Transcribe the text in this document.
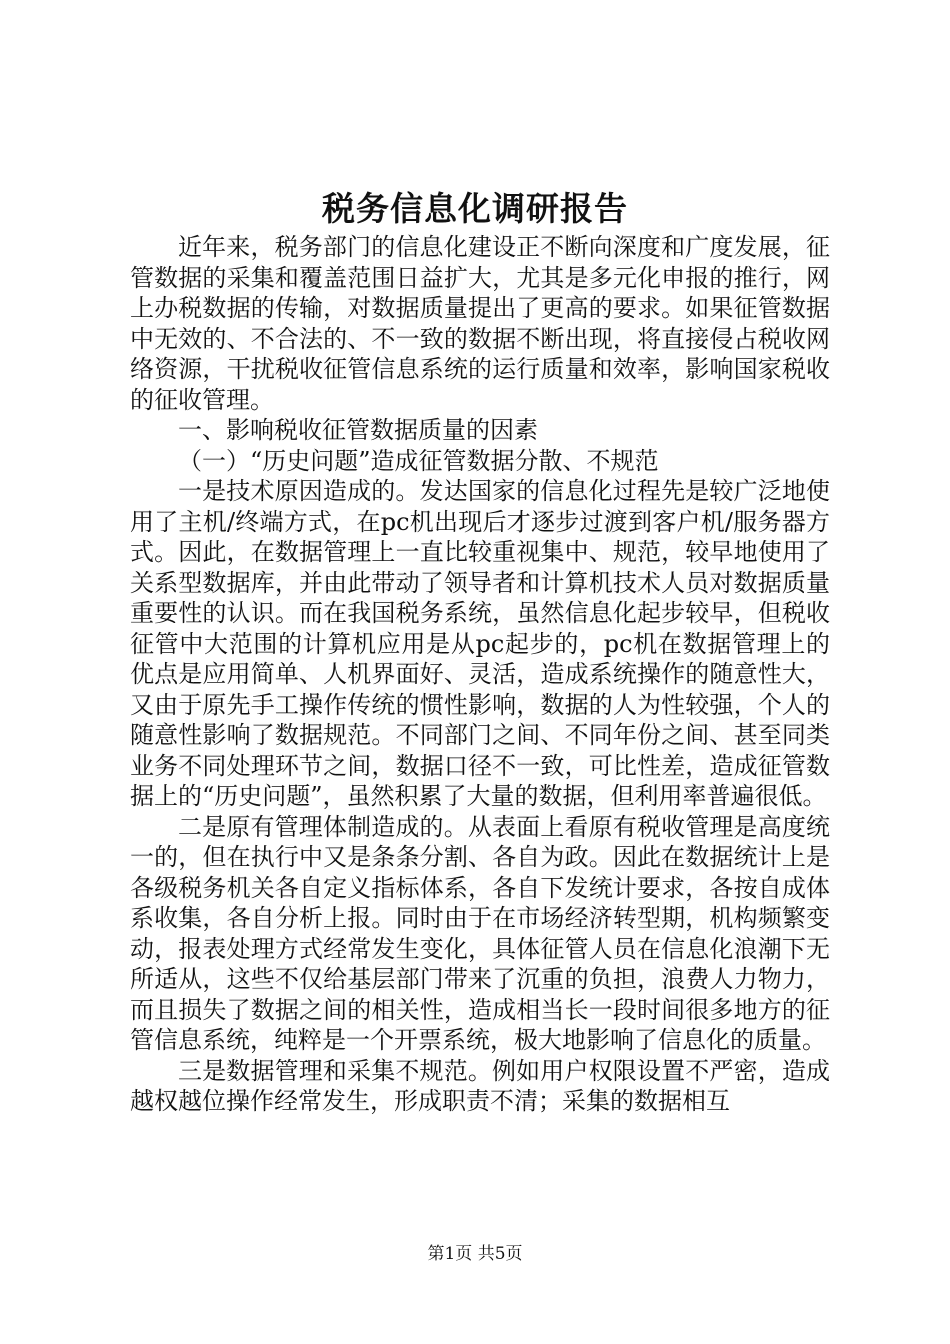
税务信息化调研报告

近年来，税务部门的信息化建设正不断向深度和广度发展，征管数据的采集和覆盖范围日益扩大，尤其是多元化申报的推行，网上办税数据的传输，对数据质量提出了更高的要求。如果征管数据中无效的、不合法的、不一致的数据不断出现，将直接侵占税收网络资源，干扰税收征管信息系统的运行质量和效率，影响国家税收的征收管理。

一、影响税收征管数据质量的因素

（一）“历史问题”造成征管数据分散、不规范

一是技术原因造成的。发达国家的信息化过程先是较广泛地使用了主机/终端方式，在pc机出现后才逐步过渡到客户机/服务器方式。因此，在数据管理上一直比较重视集中、规范，较早地使用了关系型数据库，并由此带动了领导者和计算机技术人员对数据质量重要性的认识。而在我国税务系统，虽然信息化起步较早，但税收征管中大范围的计算机应用是从pc起步的，pc机在数据管理上的优点是应用简单、人机界面好、灵活，造成系统操作的随意性大，又由于原先手工操作传统的惯性影响，数据的人为性较强，个人的随意性影响了数据规范。不同部门之间、不同年份之间、甚至同类业务不同处理环节之间，数据口径不一致，可比性差，造成征管数据上的“历史问题”，虽然积累了大量的数据，但利用率普遍很低。

二是原有管理体制造成的。从表面上看原有税收管理是高度统一的，但在执行中又是条条分割、各自为政。因此在数据统计上是各级税务机关各自定义指标体系，各自下发统计要求，各按自成体系收集，各自分析上报。同时由于在市场经济转型期，机构频繁变动，报表处理方式经常发生变化，具体征管人员在信息化浪潮下无所适从，这些不仅给基层部门带来了沉重的负担，浪费人力物力，而且损失了数据之间的相关性，造成相当长一段时间很多地方的征管信息系统，纯粹是一个开票系统，极大地影响了信息化的质量。

三是数据管理和采集不规范。例如用户权限设置不严密，造成越权越位操作经常发生，形成职责不清；采集的数据相互

第1页 共5页
